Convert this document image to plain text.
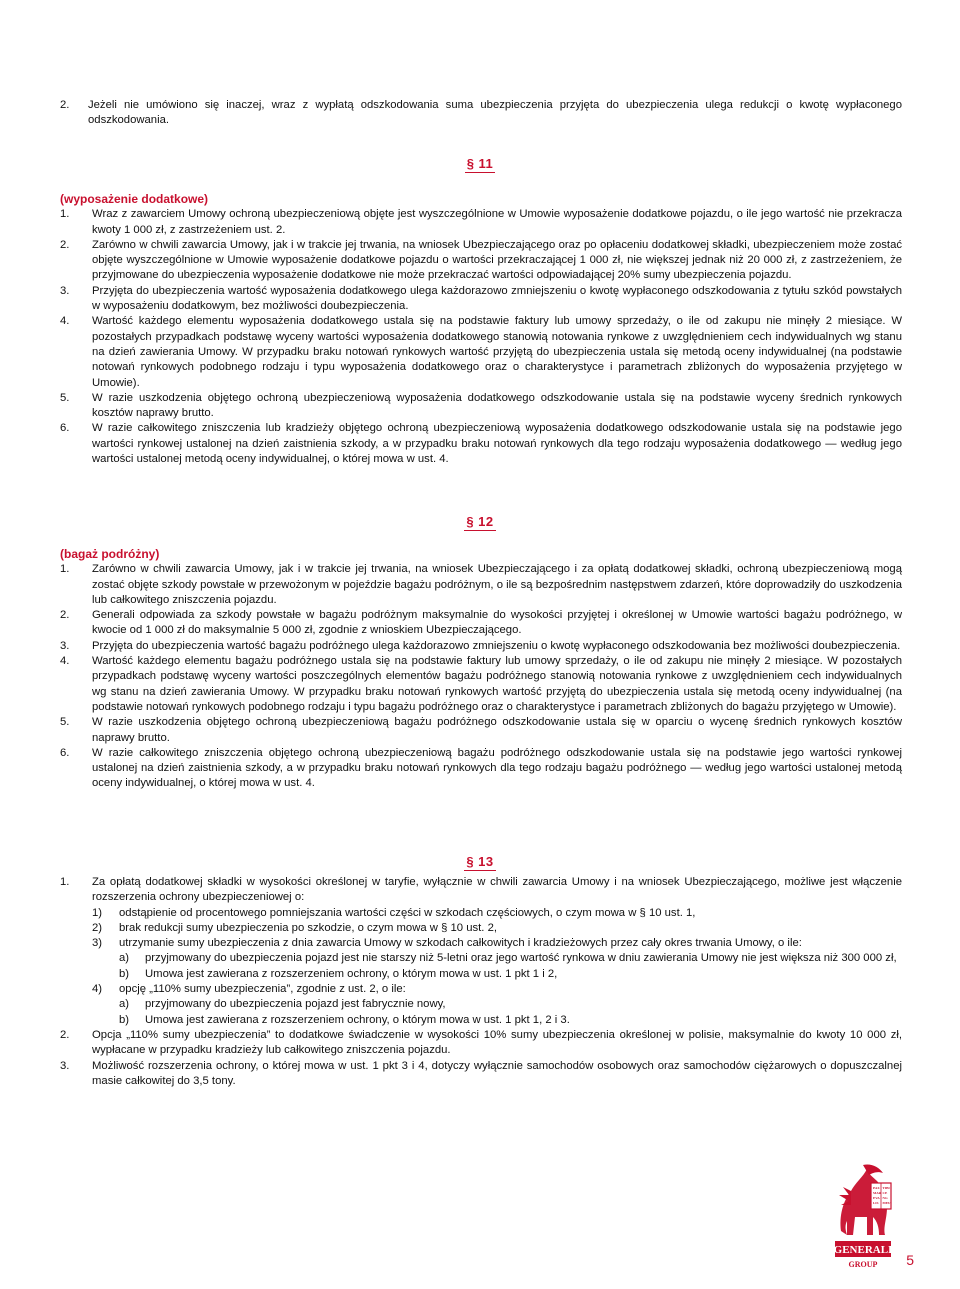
2. Jeżeli nie umówiono się inaczej, wraz z wypłatą odszkodowania suma ubezpieczenia przyjęta do ubezpieczenia ulega redukcji o kwotę wypłaconego odszkodowania.
§ 11
(wyposażenie dodatkowe)
1. Wraz z zawarciem Umowy ochroną ubezpieczeniową objęte jest wyszczególnione w Umowie wyposażenie dodatkowe pojazdu, o ile jego wartość nie przekracza kwoty 1 000 zł, z zastrzeżeniem ust. 2.
2. Zarówno w chwili zawarcia Umowy, jak i w trakcie jej trwania, na wniosek Ubezpieczającego oraz po opłaceniu dodatkowej składki, ubezpieczeniem może zostać objęte wyszczególnione w Umowie wyposażenie dodatkowe pojazdu o wartości przekraczającej 1 000 zł, nie większej jednak niż 20 000 zł, z zastrzeżeniem, że przyjmowane do ubezpieczenia wyposażenie dodatkowe nie może przekraczać wartości odpowiadającej 20% sumy ubezpieczenia pojazdu.
3. Przyjęta do ubezpieczenia wartość wyposażenia dodatkowego ulega każdorazowo zmniejszeniu o kwotę wypłaconego odszkodowania z tytułu szkód powstałych w wyposażeniu dodatkowym, bez możliwości doubezpieczenia.
4. Wartość każdego elementu wyposażenia dodatkowego ustala się na podstawie faktury lub umowy sprzedaży, o ile od zakupu nie minęły 2 miesiące. W pozostałych przypadkach podstawę wyceny wartości wyposażenia dodatkowego stanowią notowania rynkowe z uwzględnieniem cech indywidualnych wg stanu na dzień zawierania Umowy. W przypadku braku notowań rynkowych wartość przyjętą do ubezpieczenia ustala się metodą oceny indywidualnej (na podstawie notowań rynkowych podobnego rodzaju i typu wyposażenia dodatkowego oraz o charakterystyce i parametrach zbliżonych do wyposażenia przyjętego w Umowie).
5. W razie uszkodzenia objętego ochroną ubezpieczeniową wyposażenia dodatkowego odszkodowanie ustala się na podstawie wyceny średnich rynkowych kosztów naprawy brutto.
6. W razie całkowitego zniszczenia lub kradzieży objętego ochroną ubezpieczeniową wyposażenia dodatkowego odszkodowanie ustala się na podstawie jego wartości rynkowej ustalonej na dzień zaistnienia szkody, a w przypadku braku notowań rynkowych dla tego rodzaju wyposażenia dodatkowego — według jego wartości ustalonej metodą oceny indywidualnej, o której mowa w ust. 4.
§ 12
(bagaż podróżny)
1. Zarówno w chwili zawarcia Umowy, jak i w trakcie jej trwania, na wniosek Ubezpieczającego i za opłatą dodatkowej składki, ochroną ubezpieczeniową mogą zostać objęte szkody powstałe w przewożonym w pojeździe bagażu podróżnym, o ile są bezpośrednim następstwem zdarzeń, które doprowadziły do uszkodzenia lub całkowitego zniszczenia pojazdu.
2. Generali odpowiada za szkody powstałe w bagażu podróżnym maksymalnie do wysokości przyjętej i określonej w Umowie wartości bagażu podróżnego, w kwocie od 1 000 zł do maksymalnie 5 000 zł, zgodnie z wnioskiem Ubezpieczającego.
3. Przyjęta do ubezpieczenia wartość bagażu podróżnego ulega każdorazowo zmniejszeniu o kwotę wypłaconego odszkodowania bez możliwości doubezpieczenia.
4. Wartość każdego elementu bagażu podróżnego ustala się na podstawie faktury lub umowy sprzedaży, o ile od zakupu nie minęły 2 miesiące. W pozostałych przypadkach podstawę wyceny wartości poszczególnych elementów bagażu podróżnego stanowią notowania rynkowe z uwzględnieniem cech indywidualnych wg stanu na dzień zawierania Umowy. W przypadku braku notowań rynkowych wartość przyjętą do ubezpieczenia ustala się metodą oceny indywidualnej (na podstawie notowań rynkowych podobnego rodzaju i typu bagażu podróżnego oraz o charakterystyce i parametrach zbliżonych do bagażu przyjętego w Umowie).
5. W razie uszkodzenia objętego ochroną ubezpieczeniową bagażu podróżnego odszkodowanie ustala się w oparciu o wycenę średnich rynkowych kosztów naprawy brutto.
6. W razie całkowitego zniszczenia objętego ochroną ubezpieczeniową bagażu podróżnego odszkodowanie ustala się na podstawie jego wartości rynkowej ustalonej na dzień zaistnienia szkody, a w przypadku braku notowań rynkowych dla tego rodzaju bagażu podróżnego — według jego wartości ustalonej metodą oceny indywidualnej, o której mowa w ust. 4.
§ 13
1. Za opłatą dodatkowej składki w wysokości określonej w taryfie, wyłącznie w chwili zawarcia Umowy i na wniosek Ubezpieczającego, możliwe jest włączenie rozszerzenia ochrony ubezpieczeniowej o:
1) odstąpienie od procentowego pomniejszania wartości części w szkodach częściowych, o czym mowa w § 10 ust. 1,
2) brak redukcji sumy ubezpieczenia po szkodzie, o czym mowa w § 10 ust. 2,
3) utrzymanie sumy ubezpieczenia z dnia zawarcia Umowy w szkodach całkowitych i kradzieżowych przez cały okres trwania Umowy, o ile:
a) przyjmowany do ubezpieczenia pojazd jest nie starszy niż 5-letni oraz jego wartość rynkowa w dniu zawierania Umowy nie jest większa niż 300 000 zł,
b) Umowa jest zawierana z rozszerzeniem ochrony, o którym mowa w ust. 1 pkt 1 i 2,
4) opcję „110% sumy ubezpieczenia”, zgodnie z ust. 2, o ile:
a) przyjmowany do ubezpieczenia pojazd jest fabrycznie nowy,
b) Umowa jest zawierana z rozszerzeniem ochrony, o którym mowa w ust. 1 pkt 1, 2 i 3.
2. Opcja „110% sumy ubezpieczenia” to dodatkowe świadczenie w wysokości 10% sumy ubezpieczenia określonej w polisie, maksymalnie do kwoty 10 000 zł, wypłacane w przypadku kradzieży lub całkowitego zniszczenia pojazdu.
3. Możliwość rozszerzenia ochrony, o której mowa w ust. 1 pkt 3 i 4, dotyczy wyłącznie samochodów osobowych oraz samochodów ciężarowych o dopuszczalnej masie całkowitej do 3,5 tony.
PAX TIBI
MAR CE
EVA NG
LIS MEU
GENERALI
GROUP 5
